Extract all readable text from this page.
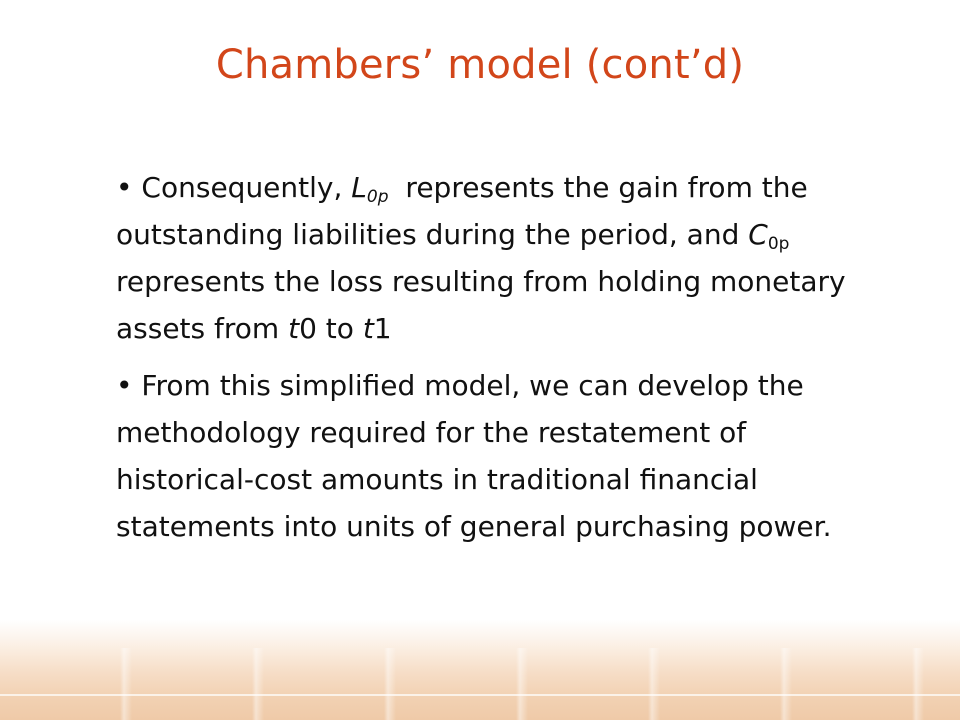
Chambers’ model (cont’d)

• Consequently, $L_{0p}$ represents the gain from the outstanding liabilities during the period, and $C_{0p}$ represents the loss resulting from holding monetary assets from t0 to t1

• From this simplified model, we can develop the methodology required for the restatement of historical-cost amounts in traditional financial statements into units of general purchasing power.
